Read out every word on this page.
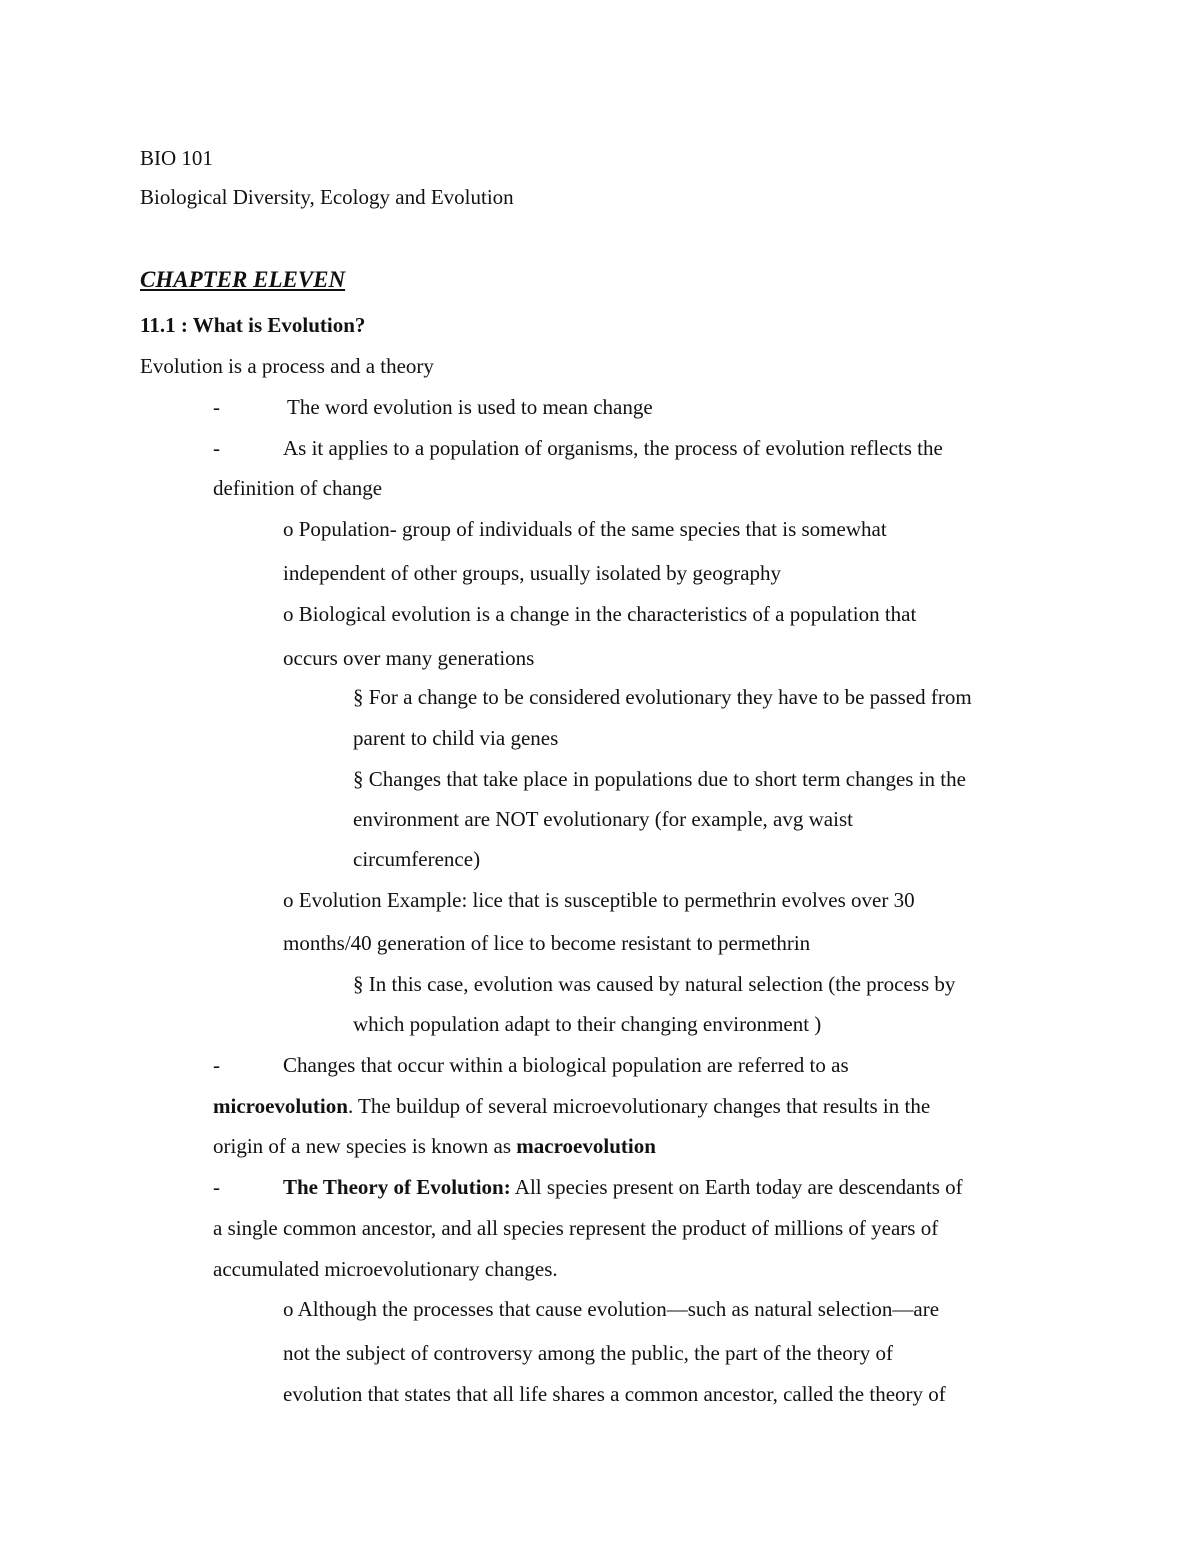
BIO 101

Biological Diversity, Ecology and Evolution

CHAPTER ELEVEN

11.1 : What is Evolution?

Evolution is a process and a theory

-	The word evolution is used to mean change

-	As it applies to a population of organisms, the process of evolution reflects the

definition of change

o Population- group of individuals of the same species that is somewhat

independent of other groups, usually isolated by geography

o Biological evolution is a change in the characteristics of a population that

occurs over many generations

§ For a change to be considered evolutionary they have to be passed from

parent to child via genes

§ Changes that take place in populations due to short term changes in the

environment are NOT evolutionary (for example, avg waist

circumference)

o Evolution Example: lice that is susceptible to permethrin evolves over 30

months/40 generation of lice to become resistant to permethrin

§ In this case, evolution was caused by natural selection (the process by

which population adapt to their changing environment )

-	Changes that occur within a biological population are referred to as

microevolution. The buildup of several microevolutionary changes that results in the

origin of a new species is known as macroevolution

-	The Theory of Evolution: All species present on Earth today are descendants of

a single common ancestor, and all species represent the product of millions of years of

accumulated microevolutionary changes.

o Although the processes that cause evolution—such as natural selection—are

not the subject of controversy among the public, the part of the theory of

evolution that states that all life shares a common ancestor, called the theory of
